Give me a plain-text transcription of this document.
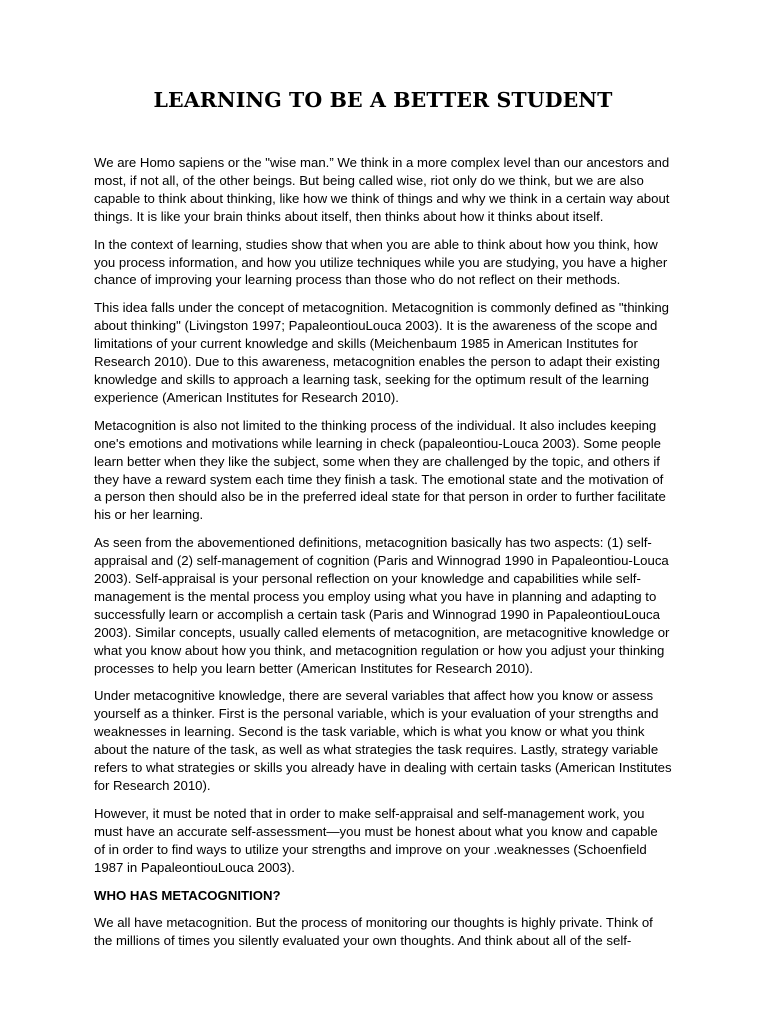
LEARNING TO BE A BETTER STUDENT

We are Homo sapiens or the "wise man.” We think in a more complex level than our ancestors and most, if not all, of the other beings. But being called wise, riot only do we think, but we are also capable to think about thinking, like how we think of things and why we think in a certain way about things. It is like your brain thinks about itself, then thinks about how it thinks about itself.

In the context of learning, studies show that when you are able to think about how you think, how you process information, and how you utilize techniques while you are studying, you have a higher chance of improving your learning process than those who do not reflect on their methods.

This idea falls under the concept of metacognition. Metacognition is commonly defined as "thinking about thinking" (Livingston 1997; PapaleontiouLouca 2003). It is the awareness of the scope and limitations of your current knowledge and skills (Meichenbaum 1985 in American Institutes for Research 2010). Due to this awareness, metacognition enables the person to adapt their existing knowledge and skills to approach a learning task, seeking for the optimum result of the learning experience (American Institutes for Research 2010).

Metacognition is also not limited to the thinking process of the individual. It also includes keeping one's emotions and motivations while learning in check (papaleontiou-Louca 2003). Some people learn better when they like the subject, some when they are challenged by the topic, and others if they have a reward system each time they finish a task. The emotional state and the motivation of a person then should also be in the preferred ideal state for that person in order to further facilitate his or her learning.

As seen from the abovementioned definitions, metacognition basically has two aspects: (1) self-appraisal and (2) self-management of cognition (Paris and Winnograd 1990 in Papaleontiou-Louca 2003). Self-appraisal is your personal reflection on your knowledge and capabilities while self-management is the mental process you employ using what you have in planning and adapting to successfully learn or accomplish a certain task (Paris and Winnograd 1990 in PapaleontiouLouca 2003). Similar concepts, usually called elements of metacognition, are metacognitive knowledge or what you know about how you think, and metacognition regulation or how you adjust your thinking processes to help you learn better (American Institutes for Research 2010).

Under metacognitive knowledge, there are several variables that affect how you know or assess yourself as a thinker. First is the personal variable, which is your evaluation of your strengths and weaknesses in learning. Second is the task variable, which is what you know or what you think about the nature of the task, as well as what strategies the task requires. Lastly, strategy variable refers to what strategies or skills you already have in dealing with certain tasks (American Institutes for Research 2010).

However, it must be noted that in order to make self-appraisal and self-management work, you must have an accurate self-assessment—you must be honest about what you know and capable of in order to find ways to utilize your strengths and improve on your .weaknesses (Schoenfield 1987 in PapaleontiouLouca 2003).

WHO HAS METACOGNITION?

We all have metacognition. But the process of monitoring our thoughts is highly private. Think of the millions of times you silently evaluated your own thoughts. And think about all of the self-
